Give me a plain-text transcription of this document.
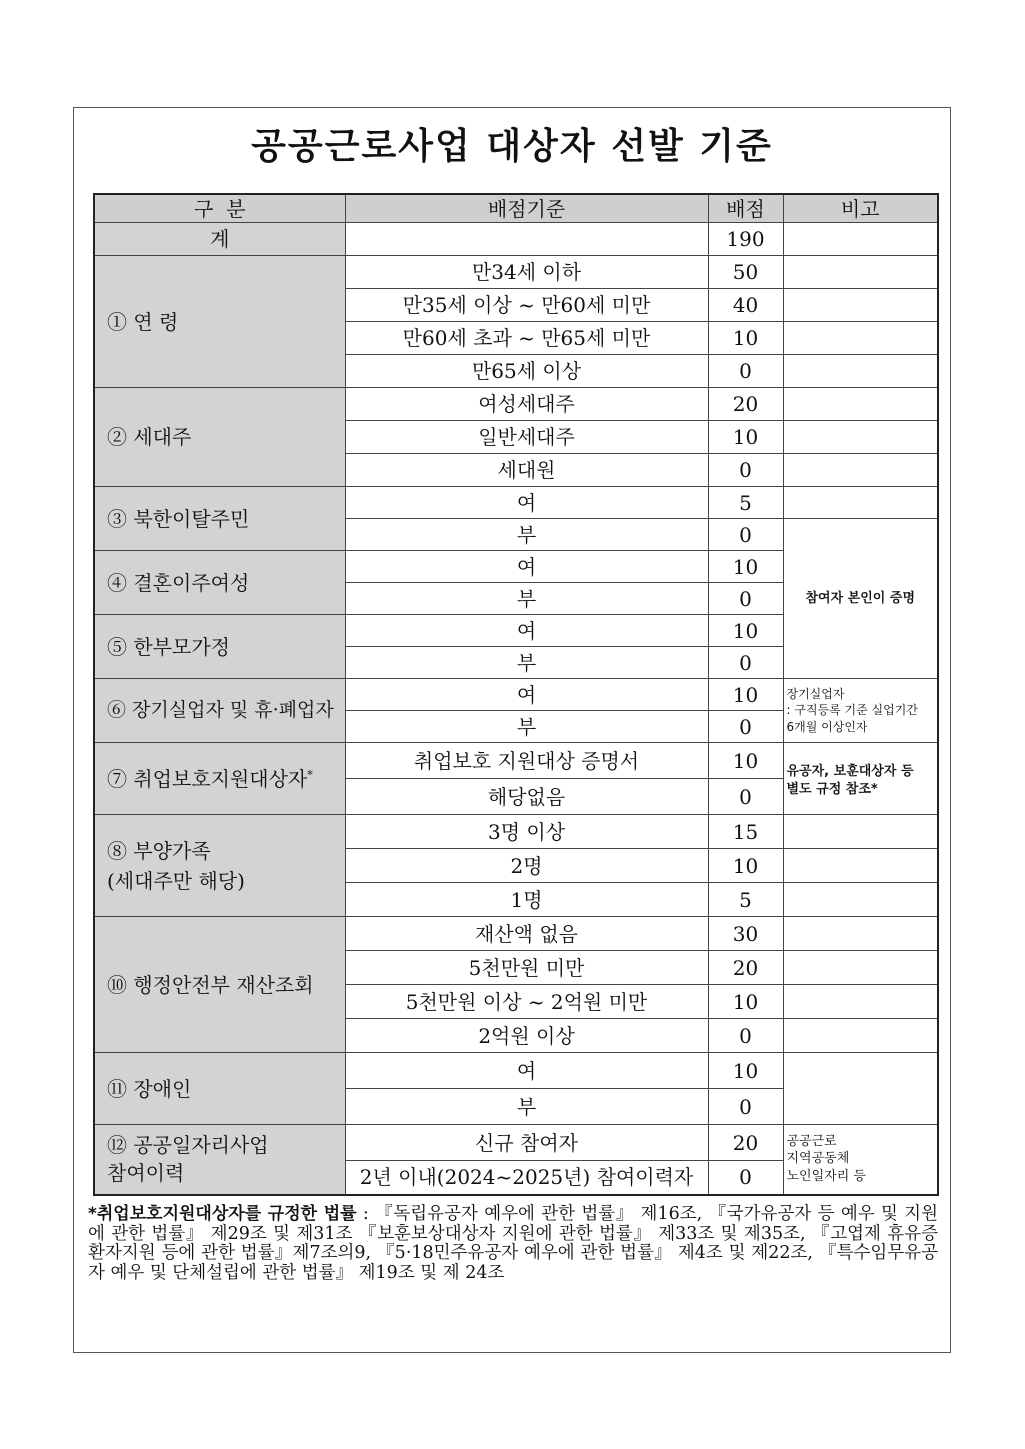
공공근로사업 대상자 선발 기준
구  분	배점기준	배점	비고
계		190	
① 연 령	만34세 이하	50	
	만35세 이상 ~ 만60세 미만	40	
	만60세 초과 ~ 만65세 미만	10	
	만65세 이상	0	
② 세대주	여성세대주	20	
	일반세대주	10	
	세대원	0	
③ 북한이탈주민	여	5	
	부	0	참여자 본인이 증명
④ 결혼이주여성	여	10	
	부	0	
⑤ 한부모가정	여	10	
	부	0	
⑥ 장기실업자 및 휴·폐업자	여	10	장기실업자
: 구직등록 기준 실업기간
6개월 이상인자
	부	0	
⑦ 취업보호지원대상자*	취업보호 지원대상 증명서	10	유공자, 보훈대상자 등
별도 규정 참조*
	해당없음	0	
⑧ 부양가족
(세대주만 해당)	3명 이상	15	
	2명	10	
	1명	5	
⑩ 행정안전부 재산조회	재산액 없음	30	
	5천만원 미만	20	
	5천만원 이상 ~ 2억원 미만	10	
	2억원 이상	0	
⑪ 장애인	여	10	
	부	0	
⑫ 공공일자리사업
참여이력	신규 참여자	20	공공근로
지역공동체
노인일자리 등
	2년 이내(2024~2025년) 참여이력자	0	
*취업보호지원대상자를 규정한 법률 : 『독립유공자 예우에 관한 법률』 제16조, 『국가유공자 등 예우 및 지원에 관한 법률』 제29조 및 제31조 『보훈보상대상자 지원에 관한 법률』 제33조 및 제35조, 『고엽제 휴유증 환자지원 등에 관한 법률』제7조의9, 『5·18민주유공자 예우에 관한 법률』 제4조 및 제22조, 『특수임무유공자 예우 및 단체설립에 관한 법률』 제19조 및 제 24조
